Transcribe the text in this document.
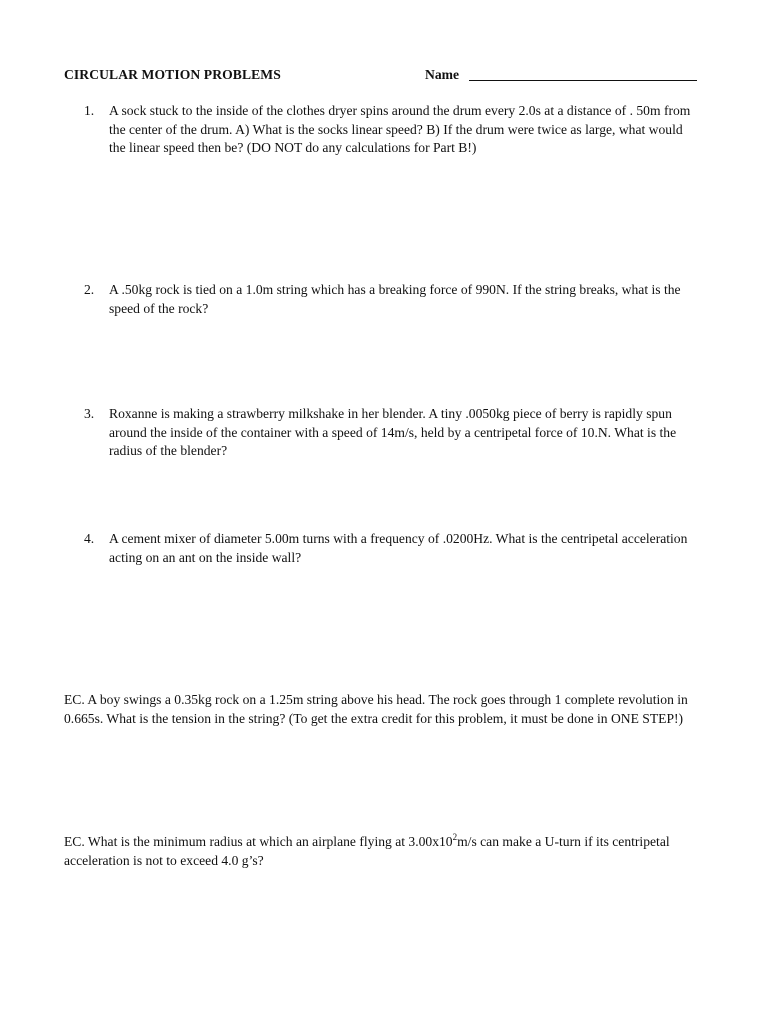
CIRCULAR MOTION PROBLEMS	Name
1.	A sock stuck to the inside of the clothes dryer spins around the drum every 2.0s at a distance of . 50m from the center of the drum. A) What is the socks linear speed? B) If the drum were twice as large, what would the linear speed then be? (DO NOT do any calculations for Part B!)
2.	A .50kg rock is tied on a 1.0m string which has a breaking force of 990N. If the string breaks, what is the speed of the rock?
3.	Roxanne is making a strawberry milkshake in her blender. A tiny .0050kg piece of berry is rapidly spun around the inside of the container with a speed of 14m/s, held by a centripetal force of 10.N. What is the radius of the blender?
4.	A cement mixer of diameter 5.00m turns with a frequency of .0200Hz. What is the centripetal acceleration acting on an ant on the inside wall?
EC. A boy swings a 0.35kg rock on a 1.25m string above his head. The rock goes through 1 complete revolution in 0.665s. What is the tension in the string? (To get the extra credit for this problem, it must be done in ONE STEP!)
EC. What is the minimum radius at which an airplane flying at $3.00x10^2m/s$ can make a U-turn if its centripetal acceleration is not to exceed 4.0 g’s?
